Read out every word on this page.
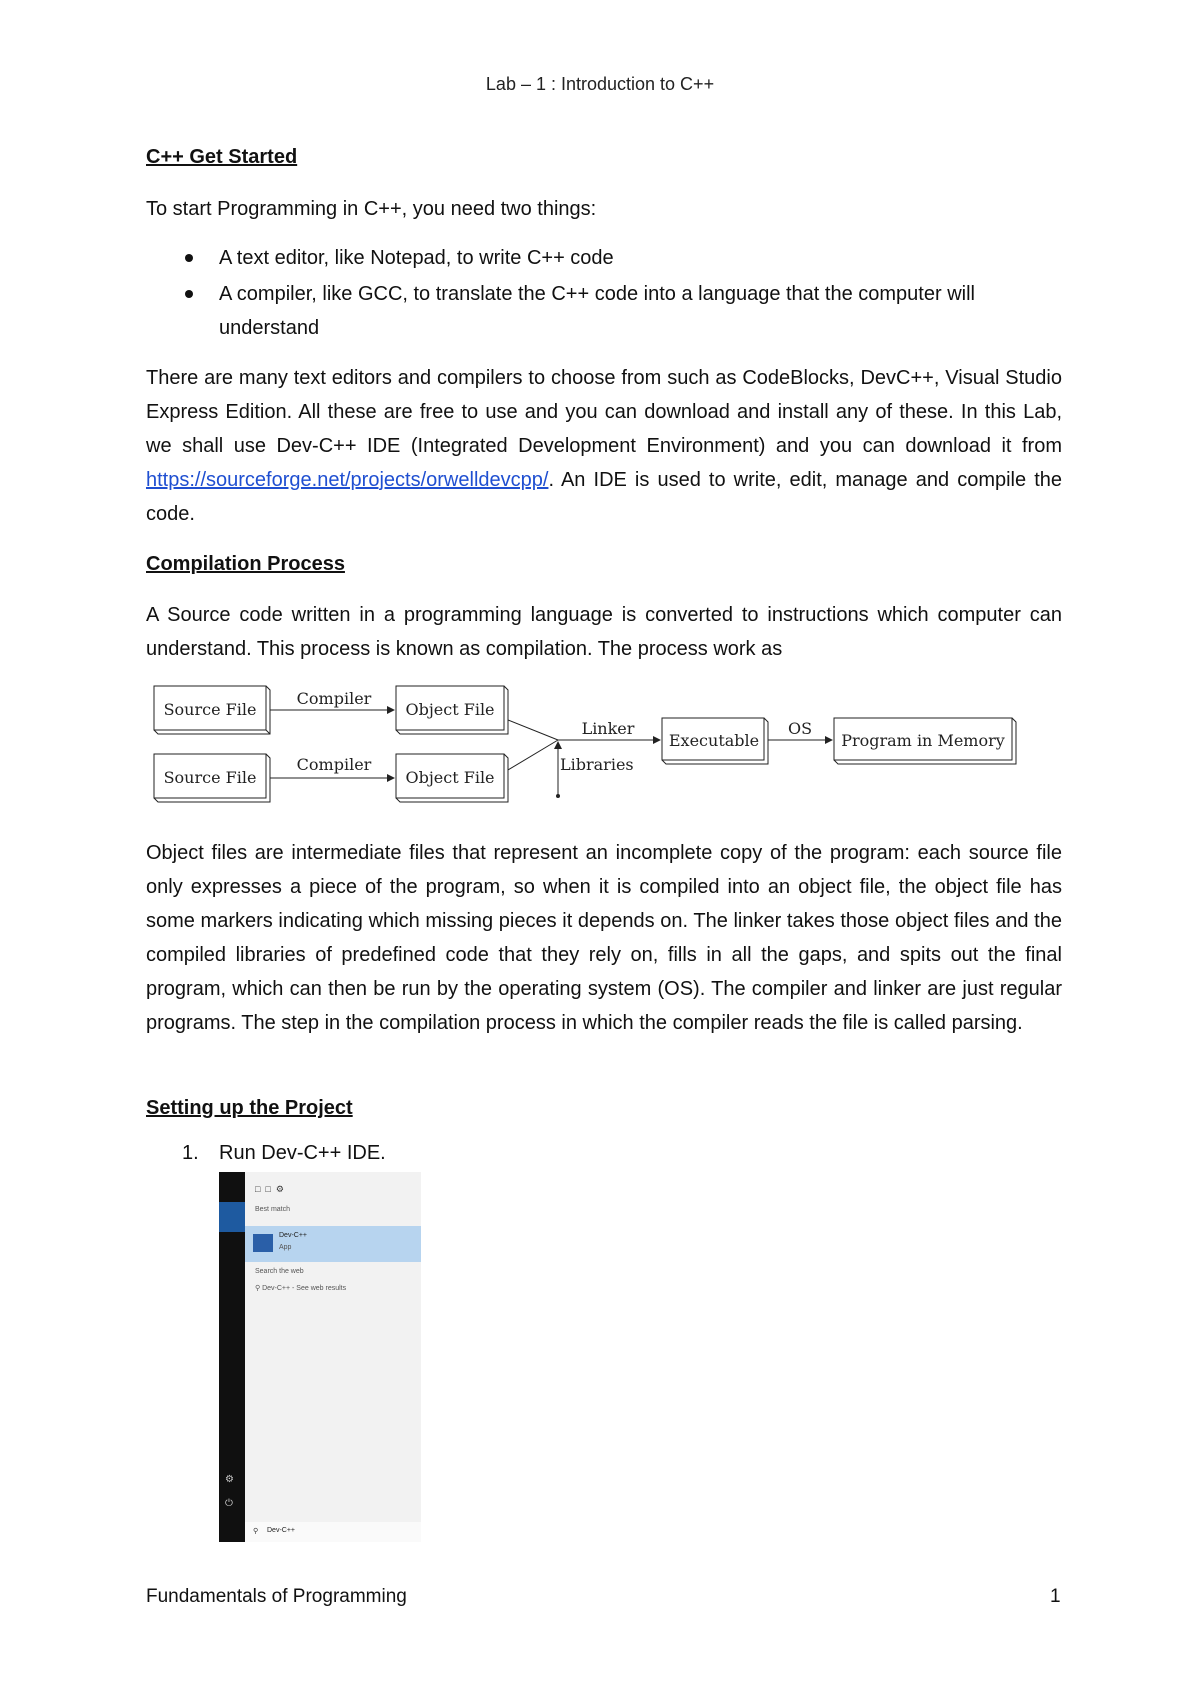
Lab – 1 : Introduction to C++
C++ Get Started

To start Programming in C++, you need two things:

A text editor, like Notepad, to write C++ code
A compiler, like GCC, to translate the C++ code into a language that the computer will understand

There are many text editors and compilers to choose from such as CodeBlocks, DevC++, Visual Studio Express Edition. All these are free to use and you can download and install any of these. In this Lab, we shall use Dev-C++ IDE (Integrated Development Environment) and you can download it from https://sourceforge.net/projects/orwelldevcpp/. An IDE is used to write, edit, manage and compile the code.

Compilation Process

A Source code written in a programming language is converted to instructions which computer can understand. This process is known as compilation. The process work as

Source File
Source File
Compiler
Compiler
Object File
Object File
Linker
Libraries
Executable
OS
Program in Memory

Object files are intermediate files that represent an incomplete copy of the program: each source file only expresses a piece of the program, so when it is compiled into an object file, the object file has some markers indicating which missing pieces it depends on. The linker takes those object files and the compiled libraries of predefined code that they rely on, fills in all the gaps, and spits out the final program, which can then be run by the operating system (OS). The compiler and linker are just regular programs. The step in the compilation process in which the compiler reads the file is called parsing.

Setting up the Project
1. Run Dev-C++ IDE.
□  □  ⚙
Best match
Dev-C++
App
Search the web
⚲ Dev-C++ - See web results
⚙
⏻
⚲ Dev-C++
Fundamentals of Programming	1
